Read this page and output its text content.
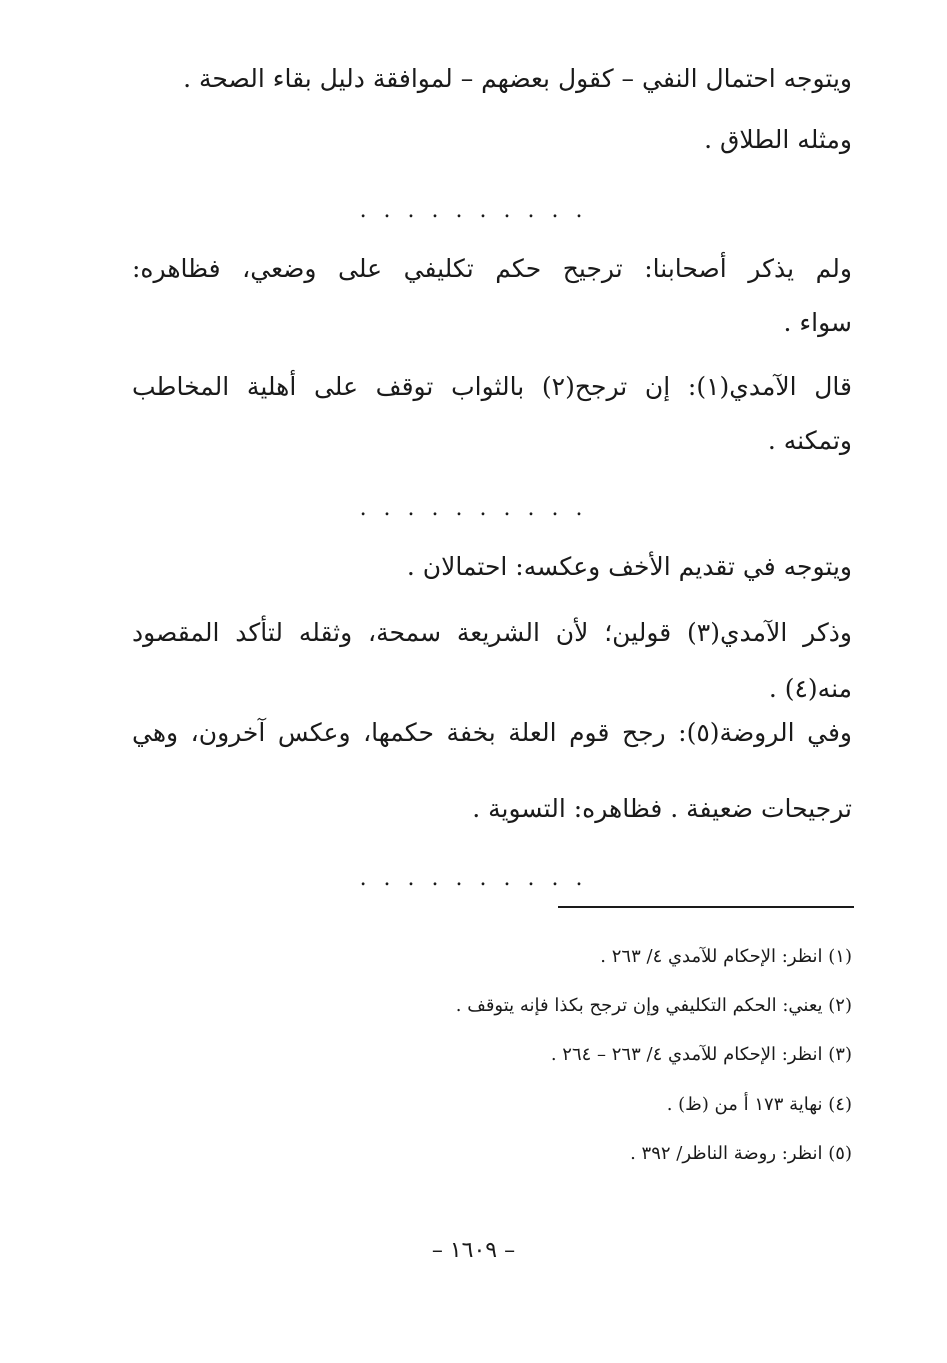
ويتوجه احتمال النفي – كقول بعضهم – لموافقة دليل بقاء الصحة .
ومثله الطلاق .
. . . . . . . . . .
ولم يذكر أصحابنا: ترجيح حكم تكليفي على وضعي، فظاهره:
سواء .
قال الآمدي(١): إن ترجح(٢) بالثواب توقف على أهلية المخاطب
وتمكنه .
. . . . . . . . . .
ويتوجه في تقديم الأخف وعكسه: احتمالان .
وذكر الآمدي(٣) قولين؛ لأن الشريعة سمحة، وثقله لتأكد المقصود
منه(٤) .
وفي الروضة(٥): رجح قوم العلة بخفة حكمها، وعكس آخرون، وهي
ترجيحات ضعيفة . فظاهره: التسوية .
. . . . . . . . . .
(١) انظر: الإحكام للآمدي ٤/ ٢٦٣ .
(٢) يعني: الحكم التكليفي وإن ترجح بكذا فإنه يتوقف .
(٣) انظر: الإحكام للآمدي ٤/ ٢٦٣ – ٢٦٤ .
(٤) نهاية ١٧٣ أ من (ظ) .
(٥) انظر: روضة الناظر/ ٣٩٢ .
– ١٦٠٩ –
